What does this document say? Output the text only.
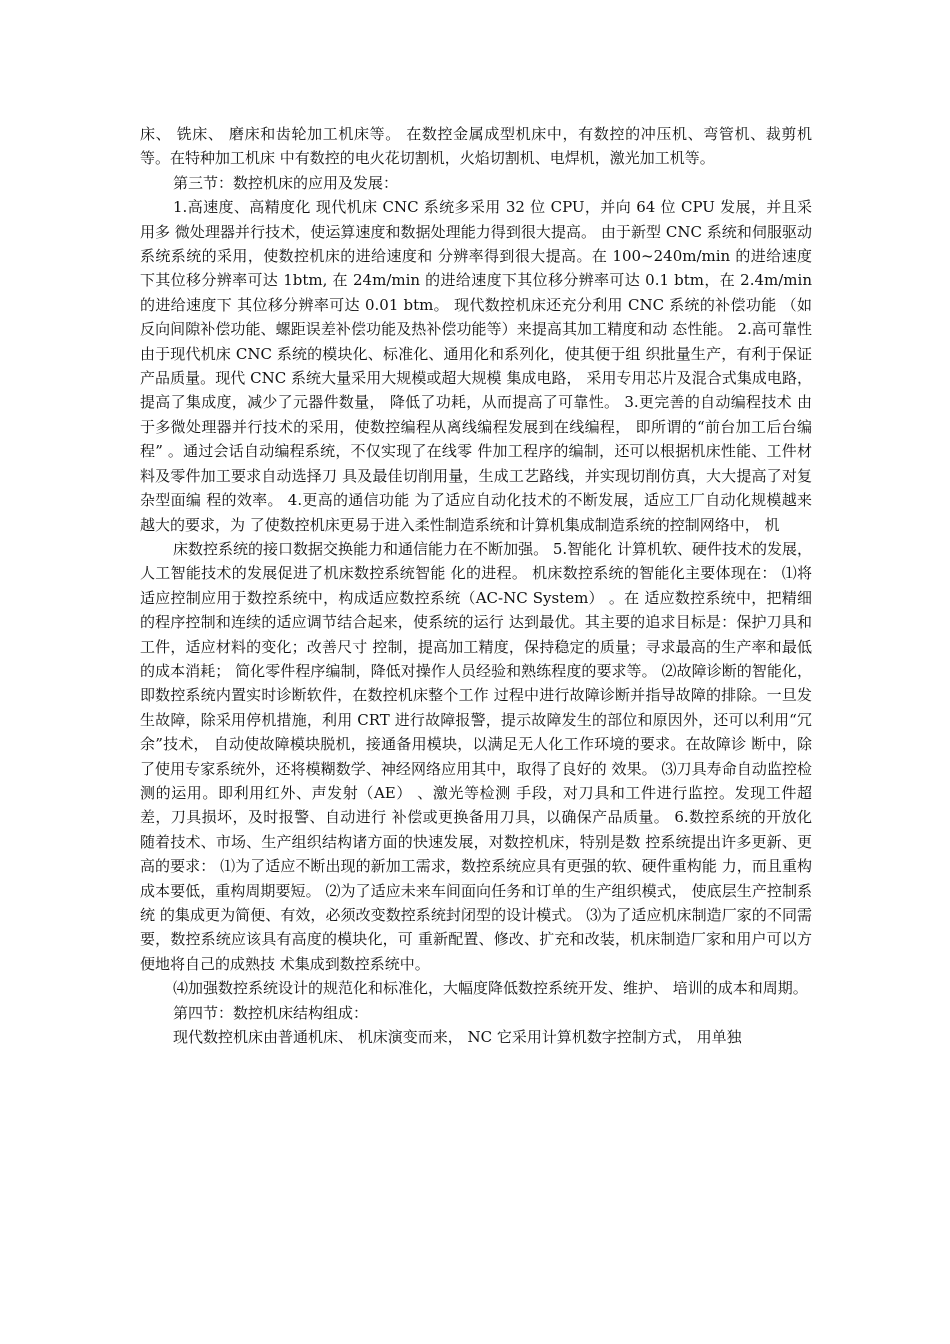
床、 铣床、 磨床和齿轮加工机床等。 在数控金属成型机床中，有数控的冲压机、弯管机、裁剪机等。在特种加工机床 中有数控的电火花切割机，火焰切割机、电焊机，激光加工机等。

第三节：数控机床的应用及发展：

1.高速度、高精度化 现代机床 CNC 系统多采用 32 位 CPU，并向 64 位 CPU 发展，并且采用多 微处理器并行技术，使运算速度和数据处理能力得到很大提高。 由于新型 CNC 系统和伺服驱动系统系统的采用，使数控机床的进给速度和 分辨率得到很大提高。在 100~240m/min 的进给速度下其位移分辨率可达 1btm, 在 24m/min 的进给速度下其位移分辨率可达 0.1 btm，在 2.4m/min 的进给速度下 其位移分辨率可达 0.01 btm。 现代数控机床还充分利用 CNC 系统的补偿功能 （如 反向间隙补偿功能、螺距误差补偿功能及热补偿功能等）来提高其加工精度和动 态性能。 2.高可靠性 由于现代机床 CNC 系统的模块化、标准化、通用化和系列化，使其便于组 织批量生产，有利于保证产品质量。现代 CNC 系统大量采用大规模或超大规模 集成电路， 采用专用芯片及混合式集成电路， 提高了集成度，减少了元器件数量， 降低了功耗，从而提高了可靠性。 3.更完善的自动编程技术 由于多微处理器并行技术的采用，使数控编程从离线编程发展到在线编程， 即所谓的“前台加工后台编程” 。通过会话自动编程系统，不仅实现了在线零 件加工程序的编制，还可以根据机床性能、工件材料及零件加工要求自动选择刀 具及最佳切削用量，生成工艺路线，并实现切削仿真，大大提高了对复杂型面编 程的效率。 4.更高的通信功能 为了适应自动化技术的不断发展，适应工厂自动化规模越来越大的要求，为 了使数控机床更易于进入柔性制造系统和计算机集成制造系统的控制网络中， 机

床数控系统的接口数据交换能力和通信能力在不断加强。 5.智能化 计算机软、硬件技术的发展，人工智能技术的发展促进了机床数控系统智能 化的进程。 机床数控系统的智能化主要体现在： ⑴将适应控制应用于数控系统中，构成适应数控系统（AC-NC System） 。在 适应数控系统中，把精细的程序控制和连续的适应调节结合起来，使系统的运行 达到最优。其主要的追求目标是：保护刀具和工件，适应材料的变化；改善尺寸 控制，提高加工精度，保持稳定的质量；寻求最高的生产率和最低的成本消耗； 简化零件程序编制，降低对操作人员经验和熟练程度的要求等。 ⑵故障诊断的智能化，即数控系统内置实时诊断软件，在数控机床整个工作 过程中进行故障诊断并指导故障的排除。一旦发生故障，除采用停机措施，利用 CRT 进行故障报警，提示故障发生的部位和原因外，还可以利用“冗余”技术， 自动使故障模块脱机，接通备用模块，以满足无人化工作环境的要求。在故障诊 断中，除了使用专家系统外，还将模糊数学、神经网络应用其中，取得了良好的 效果。 ⑶刀具寿命自动监控检测的运用。即利用红外、声发射（AE） 、激光等检测 手段，对刀具和工件进行监控。发现工件超差，刀具损坏，及时报警、自动进行 补偿或更换备用刀具，以确保产品质量。 6.数控系统的开放化 随着技术、市场、生产组织结构诸方面的快速发展，对数控机床，特别是数 控系统提出许多更新、更高的要求： ⑴为了适应不断出现的新加工需求，数控系统应具有更强的软、硬件重构能 力，而且重构成本要低，重构周期要短。 ⑵为了适应未来车间面向任务和订单的生产组织模式， 使底层生产控制系统 的集成更为简便、有效，必须改变数控系统封闭型的设计模式。 ⑶为了适应机床制造厂家的不同需要，数控系统应该具有高度的模块化，可 重新配置、修改、扩充和改装，机床制造厂家和用户可以方便地将自己的成熟技 术集成到数控系统中。

⑷加强数控系统设计的规范化和标准化，大幅度降低数控系统开发、维护、 培训的成本和周期。

第四节：数控机床结构组成：

现代数控机床由普通机床、 机床演变而来， NC 它采用计算机数字控制方式， 用单独
